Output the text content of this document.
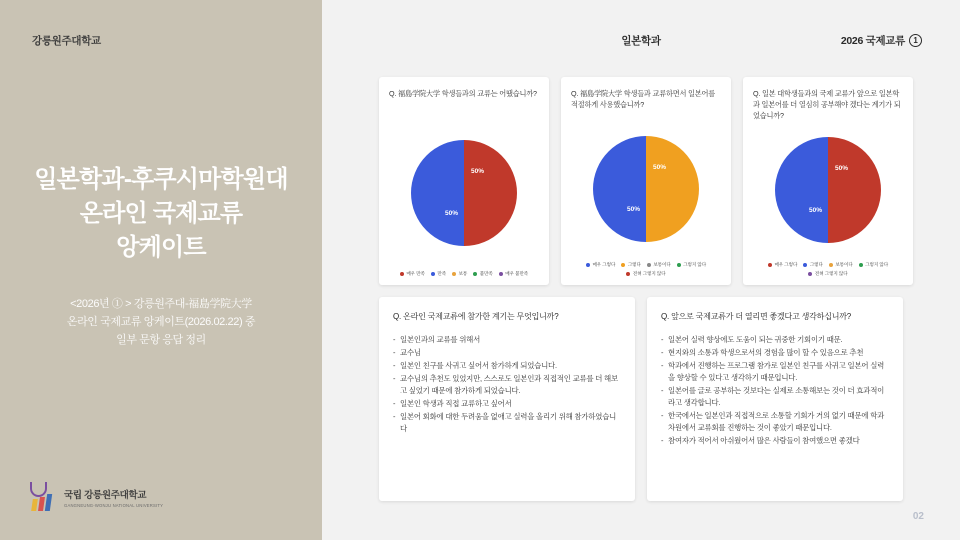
강릉원주대학교
일본학과-후쿠시마학원대
온라인 국제교류
앙케이트
<2026년 ① > 강릉원주대-福島学院大学
온라인 국제교류 앙케이트(2026.02.22) 중
일부 문항 응답 정리
국립 강릉원주대학교
GANGNEUNG-WONJU NATIONAL UNIVERSITY
일본학과	2026 국제교류	1
Q. 福島学院大学 학생들과의 교류는 어땠습니까?
50%
50%
매우 만족	만족	보통	불만족	매우 불만족
Q. 福島学院大学 학생들과 교류하면서 일본어를 적절하게 사용했습니까?
50%
50%
매우 그렇다	그렇다	보통이다	그렇지 않다
전혀 그렇지 않다
Q. 일본 대학생들과의 국제 교류가 앞으로 일본학과 일본어를 더 열심히 공부해야 겠다는 계기가 되었습니까?
50%
50%
매우 그렇다	그렇다	보통이다	그렇지 않다
전혀 그렇지 않다
Q. 온라인 국제교류에 참가한 계기는 무엇입니까?
- 일본인과의 교류를 위해서
- 교수님
- 일본인 친구를 사귀고 싶어서 참가하게 되었습니다.
- 교수님의 추천도 있었지만, 스스로도 일본인과 직접적인 교류를 더 해보고 싶었기 때문에 참가하게 되었습니다.
- 일본인 학생과 직접 교류하고 싶어서
- 일본어 회화에 대한 두려움을 없애고 실력을 올리기 위해 참가하였습니다
Q. 앞으로 국제교류가 더 열리면 좋겠다고 생각하십니까?
- 일본어 실력 향상에도 도움이 되는 귀중한 기회이기 때문.
- 현지와의 소통과 학생으로서의 경험을 많이 할 수 있음으로 추천
- 학과에서 진행하는 프로그램 참가로 일본인 친구를 사귀고 일본어 실력을 향상할 수 있다고 생각하기 때문입니다.
- 일본어를 글로 공부하는 것보다는 실제로 소통해보는 것이 더 효과적이라고 생각합니다.
- 한국에서는 일본인과 직접적으로 소통할 기회가 거의 없기 때문에 학과 차원에서 교류회를 진행하는 것이 좋았기 때문입니다.
- 참여자가 적어서 아쉬웠어서 많은 사람들이 참여했으면 좋겠다
02
